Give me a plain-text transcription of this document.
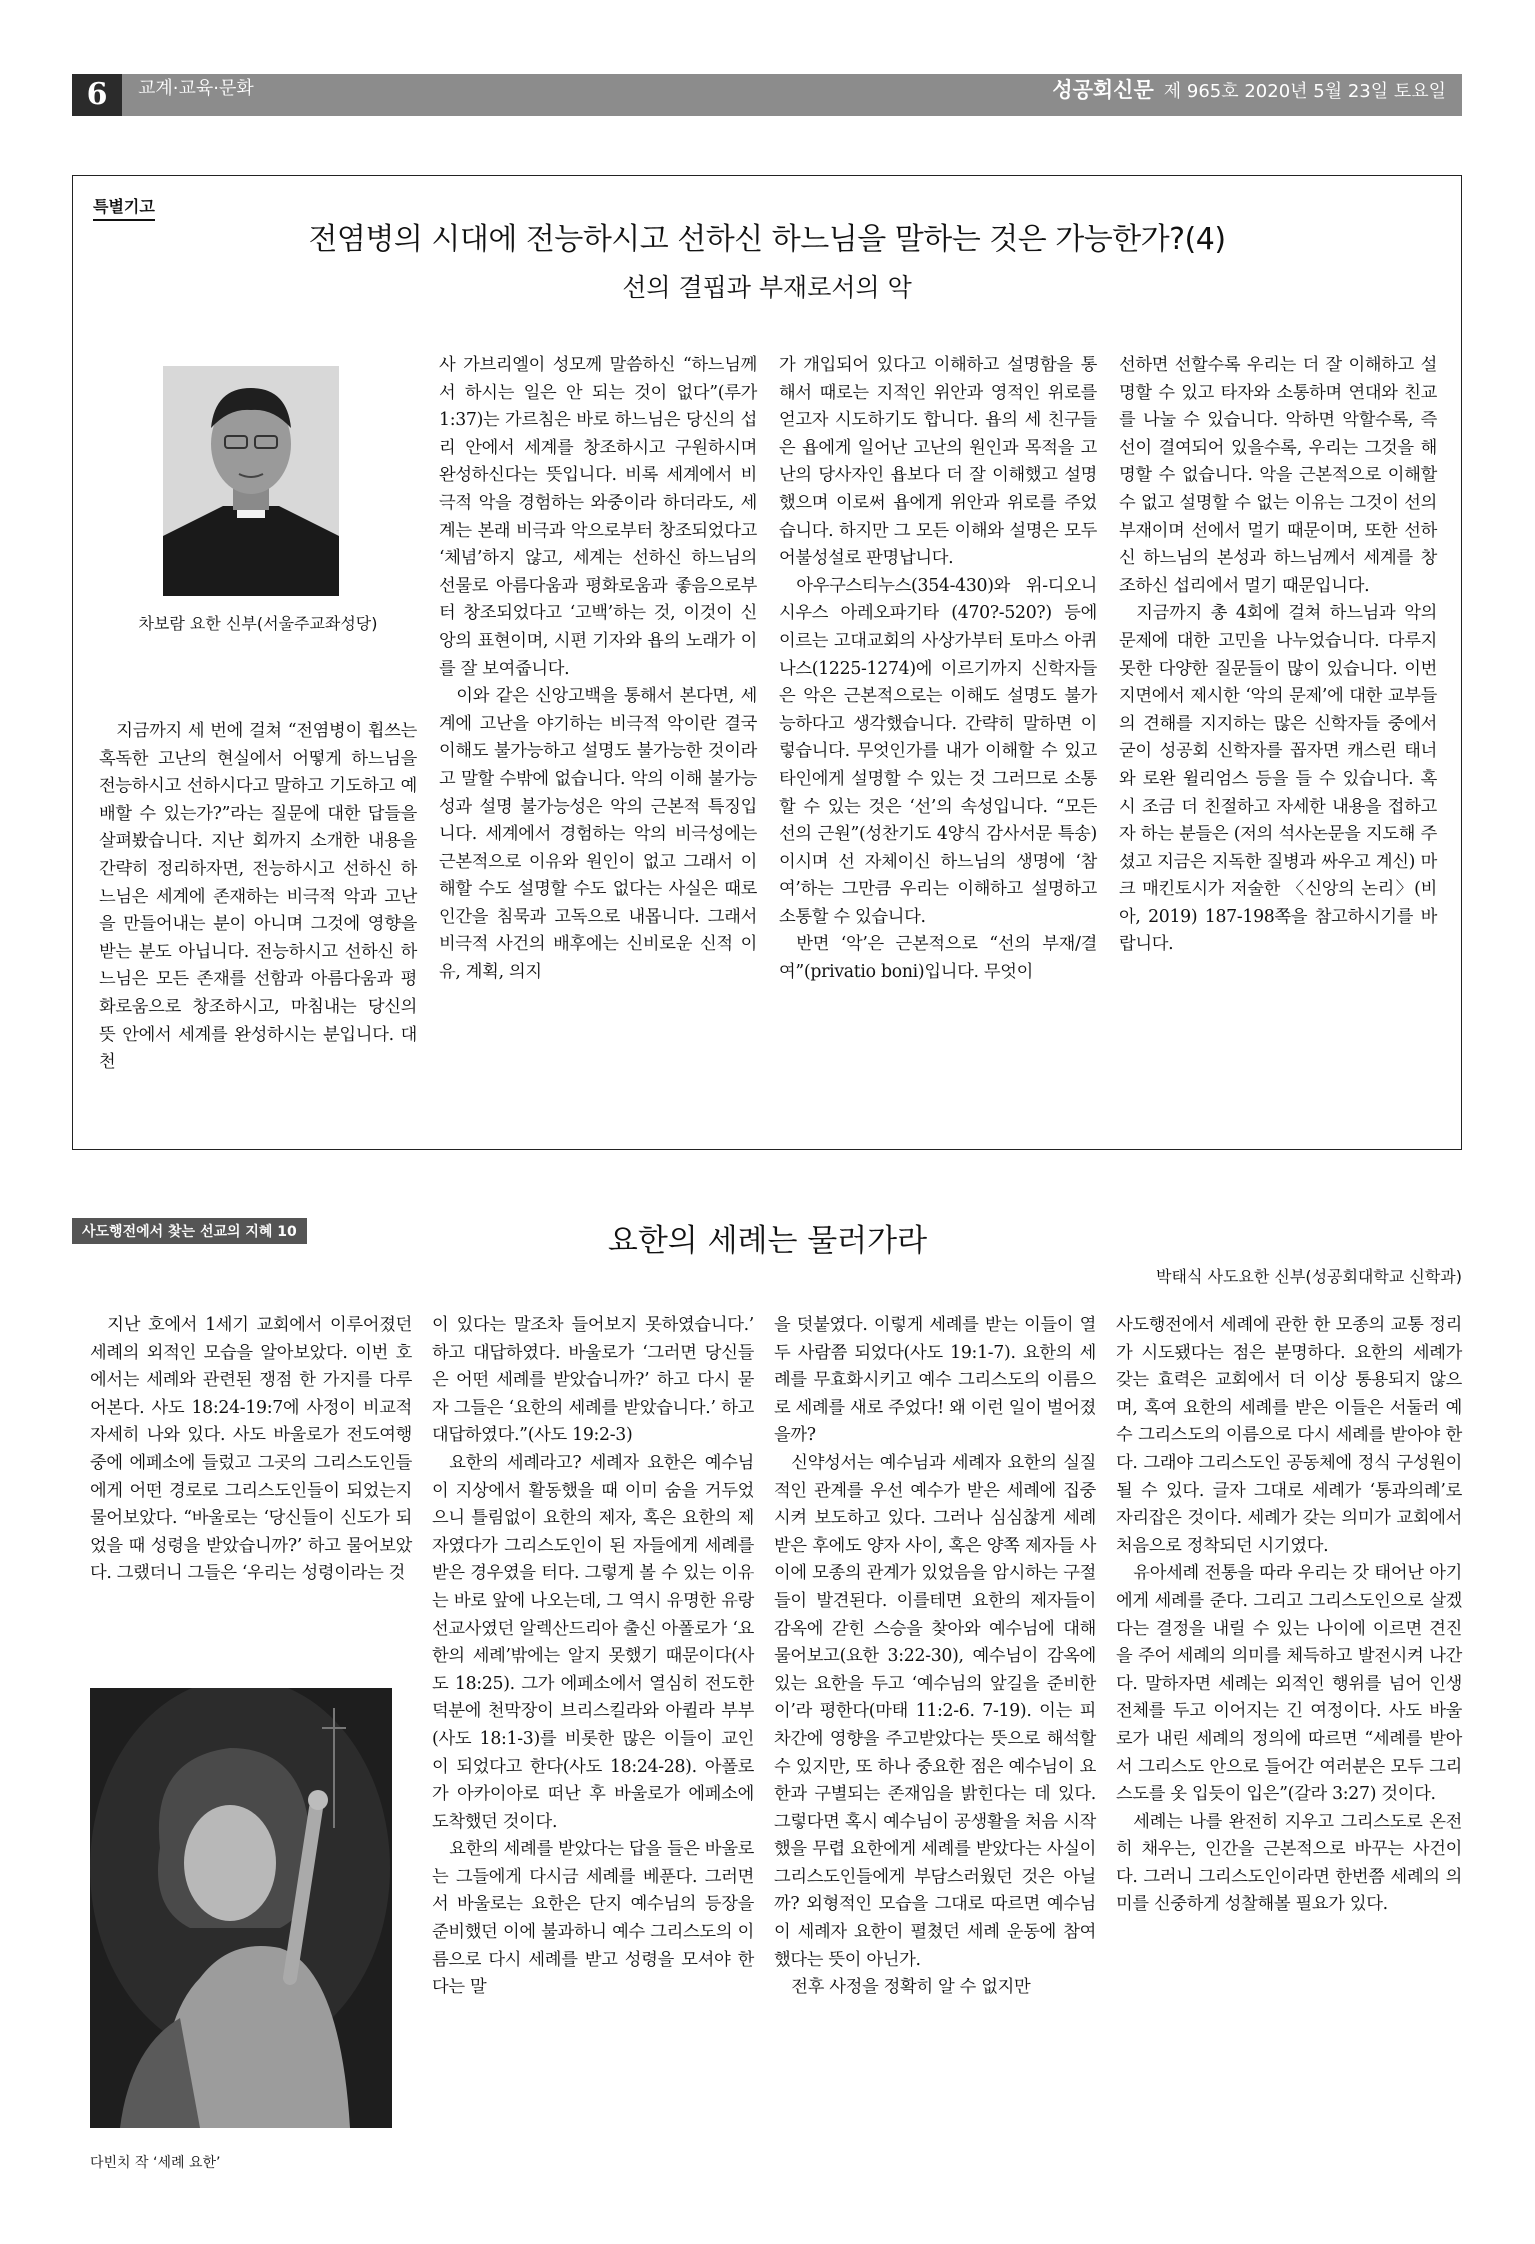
6	교계·교육·문화	성공회신문 제 965호 2020년 5월 23일 토요일
특별기고
전염병의 시대에 전능하시고 선하신 하느님을 말하는 것은 가능한가?(4)
선의 결핍과 부재로서의 악
차보람 요한 신부(서울주교좌성당)

지금까지 세 번에 걸쳐 “전염병이 휩쓰는 혹독한 고난의 현실에서 어떻게 하느님을 전능하시고 선하시다고 말하고 기도하고 예배할 수 있는가?”라는 질문에 대한 답들을 살펴봤습니다. 지난 회까지 소개한 내용을 간략히 정리하자면, 전능하시고 선하신 하느님은 세계에 존재하는 비극적 악과 고난을 만들어내는 분이 아니며 그것에 영향을 받는 분도 아닙니다. 전능하시고 선하신 하느님은 모든 존재를 선함과 아름다움과 평화로움으로 창조하시고, 마침내는 당신의 뜻 안에서 세계를 완성하시는 분입니다. 대천

사 가브리엘이 성모께 말씀하신 “하느님께서 하시는 일은 안 되는 것이 없다”(루가 1:37)는 가르침은 바로 하느님은 당신의 섭리 안에서 세계를 창조하시고 구원하시며 완성하신다는 뜻입니다. 비록 세계에서 비극적 악을 경험하는 와중이라 하더라도, 세계는 본래 비극과 악으로부터 창조되었다고 ‘체념’하지 않고, 세계는 선하신 하느님의 선물로 아름다움과 평화로움과 좋음으로부터 창조되었다고 ‘고백’하는 것, 이것이 신앙의 표현이며, 시편 기자와 욥의 노래가 이를 잘 보여줍니다.

이와 같은 신앙고백을 통해서 본다면, 세계에 고난을 야기하는 비극적 악이란 결국 이해도 불가능하고 설명도 불가능한 것이라고 말할 수밖에 없습니다. 악의 이해 불가능성과 설명 불가능성은 악의 근본적 특징입니다. 세계에서 경험하는 악의 비극성에는 근본적으로 이유와 원인이 없고 그래서 이해할 수도 설명할 수도 없다는 사실은 때로 인간을 침묵과 고독으로 내몹니다. 그래서 비극적 사건의 배후에는 신비로운 신적 이유, 계획, 의지

가 개입되어 있다고 이해하고 설명함을 통해서 때로는 지적인 위안과 영적인 위로를 얻고자 시도하기도 합니다. 욥의 세 친구들은 욥에게 일어난 고난의 원인과 목적을 고난의 당사자인 욥보다 더 잘 이해했고 설명했으며 이로써 욥에게 위안과 위로를 주었습니다. 하지만 그 모든 이해와 설명은 모두 어불성설로 판명납니다.

아우구스티누스(354-430)와 위-디오니시우스 아레오파기타 (470?-520?) 등에 이르는 고대교회의 사상가부터 토마스 아퀴나스(1225-1274)에 이르기까지 신학자들은 악은 근본적으로는 이해도 설명도 불가능하다고 생각했습니다. 간략히 말하면 이렇습니다. 무엇인가를 내가 이해할 수 있고 타인에게 설명할 수 있는 것 그러므로 소통할 수 있는 것은 ‘선’의 속성입니다. “모든 선의 근원”(성찬기도 4양식 감사서문 특송)이시며 선 자체이신 하느님의 생명에 ‘참여’하는 그만큼 우리는 이해하고 설명하고 소통할 수 있습니다.

반면 ‘악’은 근본적으로 “선의 부재/결여”(privatio boni)입니다. 무엇이

선하면 선할수록 우리는 더 잘 이해하고 설명할 수 있고 타자와 소통하며 연대와 친교를 나눌 수 있습니다. 악하면 악할수록, 즉 선이 결여되어 있을수록, 우리는 그것을 해명할 수 없습니다. 악을 근본적으로 이해할 수 없고 설명할 수 없는 이유는 그것이 선의 부재이며 선에서 멀기 때문이며, 또한 선하신 하느님의 본성과 하느님께서 세계를 창조하신 섭리에서 멀기 때문입니다.

지금까지 총 4회에 걸쳐 하느님과 악의 문제에 대한 고민을 나누었습니다. 다루지 못한 다양한 질문들이 많이 있습니다. 이번 지면에서 제시한 ‘악의 문제’에 대한 교부들의 견해를 지지하는 많은 신학자들 중에서 굳이 성공회 신학자를 꼽자면 캐스린 태너와 로완 윌리엄스 등을 들 수 있습니다. 혹시 조금 더 친절하고 자세한 내용을 접하고자 하는 분들은 (저의 석사논문을 지도해 주셨고 지금은 지독한 질병과 싸우고 계신) 마크 매킨토시가 저술한 〈신앙의 논리〉(비아, 2019) 187-198쪽을 참고하시기를 바랍니다.

사도행전에서 찾는 선교의 지혜 10	요한의 세례는 물러가라
박태식 사도요한 신부(성공회대학교 신학과)

지난 호에서 1세기 교회에서 이루어졌던 세례의 외적인 모습을 알아보았다. 이번 호에서는 세례와 관련된 쟁점 한 가지를 다루어본다. 사도 18:24-19:7에 사정이 비교적 자세히 나와 있다. 사도 바울로가 전도여행 중에 에페소에 들렀고 그곳의 그리스도인들에게 어떤 경로로 그리스도인들이 되었는지 물어보았다. “바울로는 ‘당신들이 신도가 되었을 때 성령을 받았습니까?’ 하고 물어보았다. 그랬더니 그들은 ‘우리는 성령이라는 것

이 있다는 말조차 들어보지 못하였습니다.’ 하고 대답하였다. 바울로가 ‘그러면 당신들은 어떤 세례를 받았습니까?’ 하고 다시 묻자 그들은 ‘요한의 세례를 받았습니다.’ 하고 대답하였다.”(사도 19:2-3)

요한의 세례라고? 세례자 요한은 예수님이 지상에서 활동했을 때 이미 숨을 거두었으니 틀림없이 요한의 제자, 혹은 요한의 제자였다가 그리스도인이 된 자들에게 세례를 받은 경우였을 터다. 그렇게 볼 수 있는 이유는 바로 앞에 나오는데, 그 역시 유명한 유랑 선교사였던 알렉산드리아 출신 아폴로가 ‘요한의 세례’밖에는 알지 못했기 때문이다(사도 18:25). 그가 에페소에서 열심히 전도한 덕분에 천막장이 브리스킬라와 아퀼라 부부(사도 18:1-3)를 비롯한 많은 이들이 교인이 되었다고 한다(사도 18:24-28). 아폴로가 아카이아로 떠난 후 바울로가 에페소에 도착했던 것이다.

요한의 세례를 받았다는 답을 들은 바울로는 그들에게 다시금 세례를 베푼다. 그러면서 바울로는 요한은 단지 예수님의 등장을 준비했던 이에 불과하니 예수 그리스도의 이름으로 다시 세례를 받고 성령을 모셔야 한다는 말

을 덧붙였다. 이렇게 세례를 받는 이들이 열두 사람쯤 되었다(사도 19:1-7). 요한의 세례를 무효화시키고 예수 그리스도의 이름으로 세례를 새로 주었다! 왜 이런 일이 벌어졌을까?

신약성서는 예수님과 세례자 요한의 실질적인 관계를 우선 예수가 받은 세례에 집중시켜 보도하고 있다. 그러나 심심찮게 세례 받은 후에도 양자 사이, 혹은 양쪽 제자들 사이에 모종의 관계가 있었음을 암시하는 구절들이 발견된다. 이를테면 요한의 제자들이 감옥에 갇힌 스승을 찾아와 예수님에 대해 물어보고(요한 3:22-30), 예수님이 감옥에 있는 요한을 두고 ‘예수님의 앞길을 준비한 이’라 평한다(마태 11:2-6. 7-19). 이는 피차간에 영향을 주고받았다는 뜻으로 해석할 수 있지만, 또 하나 중요한 점은 예수님이 요한과 구별되는 존재임을 밝힌다는 데 있다. 그렇다면 혹시 예수님이 공생활을 처음 시작했을 무렵 요한에게 세례를 받았다는 사실이 그리스도인들에게 부담스러웠던 것은 아닐까? 외형적인 모습을 그대로 따르면 예수님이 세례자 요한이 펼쳤던 세례 운동에 참여했다는 뜻이 아닌가.

전후 사정을 정확히 알 수 없지만

사도행전에서 세례에 관한 한 모종의 교통 정리가 시도됐다는 점은 분명하다. 요한의 세례가 갖는 효력은 교회에서 더 이상 통용되지 않으며, 혹여 요한의 세례를 받은 이들은 서둘러 예수 그리스도의 이름으로 다시 세례를 받아야 한다. 그래야 그리스도인 공동체에 정식 구성원이 될 수 있다. 글자 그대로 세례가 ‘통과의례’로 자리잡은 것이다. 세례가 갖는 의미가 교회에서 처음으로 정착되던 시기였다.

유아세례 전통을 따라 우리는 갓 태어난 아기에게 세례를 준다. 그리고 그리스도인으로 살겠다는 결정을 내릴 수 있는 나이에 이르면 견진을 주어 세례의 의미를 체득하고 발전시켜 나간다. 말하자면 세례는 외적인 행위를 넘어 인생 전체를 두고 이어지는 긴 여정이다. 사도 바울로가 내린 세례의 정의에 따르면 “세례를 받아서 그리스도 안으로 들어간 여러분은 모두 그리스도를 옷 입듯이 입은”(갈라 3:27) 것이다.

세례는 나를 완전히 지우고 그리스도로 온전히 채우는, 인간을 근본적으로 바꾸는 사건이다. 그러니 그리스도인이라면 한번쯤 세례의 의미를 신중하게 성찰해볼 필요가 있다.

다빈치 작 ‘세례 요한’
